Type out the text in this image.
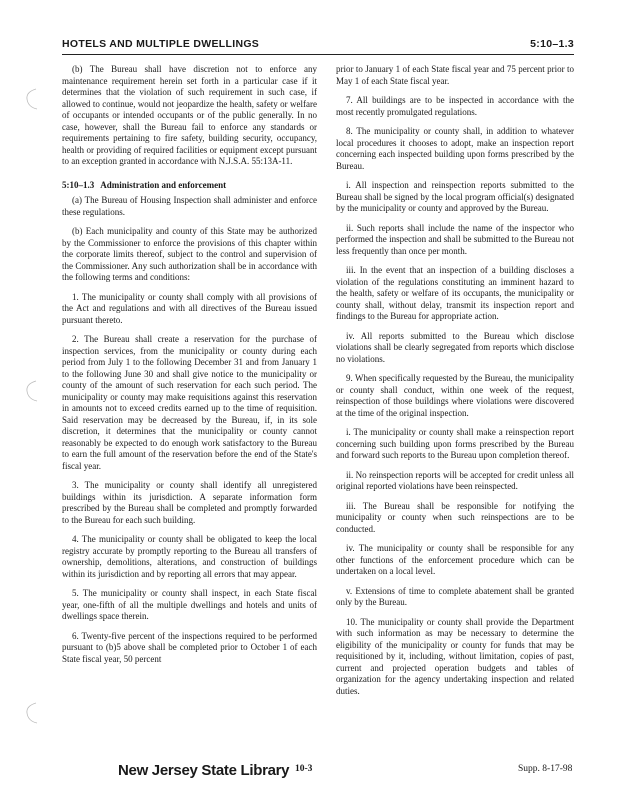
HOTELS AND MULTIPLE DWELLINGS	5:10–1.3

(b) The Bureau shall have discretion not to enforce any maintenance requirement herein set forth in a particular case if it determines that the violation of such requirement in such case, if allowed to continue, would not jeopardize the health, safety or welfare of occupants or intended occupants or of the public generally. In no case, however, shall the Bureau fail to enforce any standards or requirements pertaining to fire safety, building security, occupancy, health or providing of required facilities or equipment except pursuant to an exception granted in accordance with N.J.S.A. 55:13A-11.

5:10–1.3 Administration and enforcement

(a) The Bureau of Housing Inspection shall administer and enforce these regulations.

(b) Each municipality and county of this State may be authorized by the Commissioner to enforce the provisions of this chapter within the corporate limits thereof, subject to the control and supervision of the Commissioner. Any such authorization shall be in accordance with the following terms and conditions:

1. The municipality or county shall comply with all provisions of the Act and regulations and with all directives of the Bureau issued pursuant thereto.

2. The Bureau shall create a reservation for the purchase of inspection services, from the municipality or county during each period from July 1 to the following December 31 and from January 1 to the following June 30 and shall give notice to the municipality or county of the amount of such reservation for each such period. The municipality or county may make requisitions against this reservation in amounts not to exceed credits earned up to the time of requisition. Said reservation may be decreased by the Bureau, if, in its sole discretion, it determines that the municipality or county cannot reasonably be expected to do enough work satisfactory to the Bureau to earn the full amount of the reservation before the end of the State's fiscal year.

3. The municipality or county shall identify all unregistered buildings within its jurisdiction. A separate information form prescribed by the Bureau shall be completed and promptly forwarded to the Bureau for each such building.

4. The municipality or county shall be obligated to keep the local registry accurate by promptly reporting to the Bureau all transfers of ownership, demolitions, alterations, and construction of buildings within its jurisdiction and by reporting all errors that may appear.

5. The municipality or county shall inspect, in each State fiscal year, one-fifth of all the multiple dwellings and hotels and units of dwellings space therein.

6. Twenty-five percent of the inspections required to be performed pursuant to (b)5 above shall be completed prior to October 1 of each State fiscal year, 50 percent

prior to January 1 of each State fiscal year and 75 percent prior to May 1 of each State fiscal year.

7. All buildings are to be inspected in accordance with the most recently promulgated regulations.

8. The municipality or county shall, in addition to whatever local procedures it chooses to adopt, make an inspection report concerning each inspected building upon forms prescribed by the Bureau.

i. All inspection and reinspection reports submitted to the Bureau shall be signed by the local program official(s) designated by the municipality or county and approved by the Bureau.

ii. Such reports shall include the name of the inspector who performed the inspection and shall be submitted to the Bureau not less frequently than once per month.

iii. In the event that an inspection of a building discloses a violation of the regulations constituting an imminent hazard to the health, safety or welfare of its occupants, the municipality or county shall, without delay, transmit its inspection report and findings to the Bureau for appropriate action.

iv. All reports submitted to the Bureau which disclose violations shall be clearly segregated from reports which disclose no violations.

9. When specifically requested by the Bureau, the municipality or county shall conduct, within one week of the request, reinspection of those buildings where violations were discovered at the time of the original inspection.

i. The municipality or county shall make a reinspection report concerning such building upon forms prescribed by the Bureau and forward such reports to the Bureau upon completion thereof.

ii. No reinspection reports will be accepted for credit unless all original reported violations have been reinspected.

iii. The Bureau shall be responsible for notifying the municipality or county when such reinspections are to be conducted.

iv. The municipality or county shall be responsible for any other functions of the enforcement procedure which can be undertaken on a local level.

v. Extensions of time to complete abatement shall be granted only by the Bureau.

10. The municipality or county shall provide the Department with such information as may be necessary to determine the eligibility of the municipality or county for funds that may be requisitioned by it, including, without limitation, copies of past, current and projected operation budgets and tables of organization for the agency undertaking inspection and related duties.

New Jersey State Library 10-3	Supp. 8-17-98
